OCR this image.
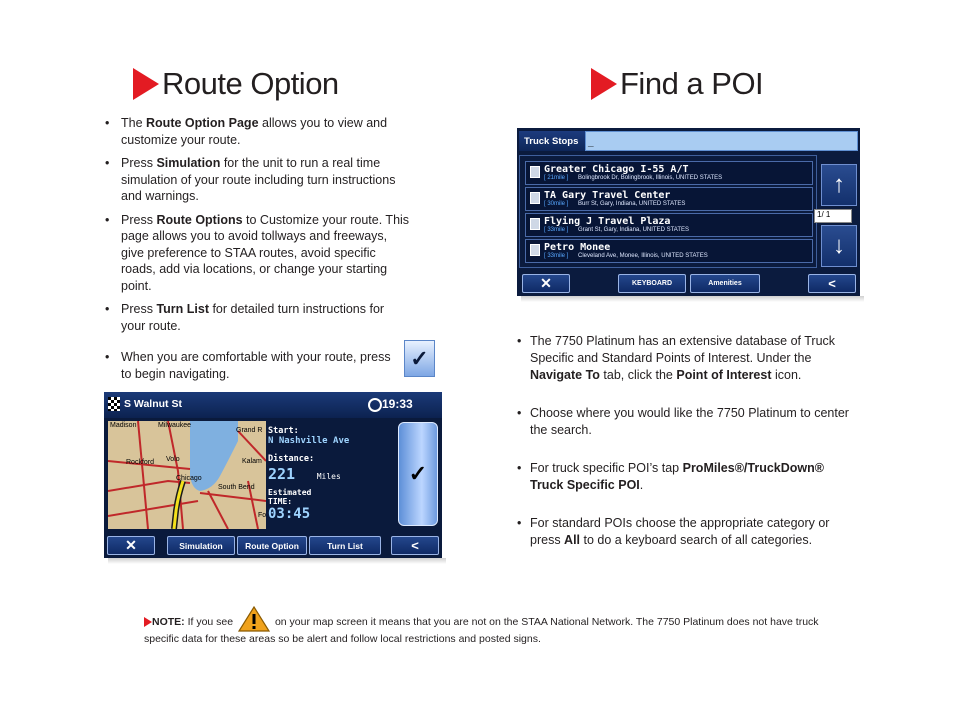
Route Option
• The Route Option Page allows you to view and customize your route.
• Press Simulation for the unit to run a real time simulation of your route including turn instructions and warnings.
• Press Route Options to Customize your route. This page allows you to avoid tollways and freeways, give preference to STAA routes, avoid specific roads, add via locations, or change your starting point.
• Press Turn List for detailed turn instructions for your route.
• When you are comfortable with your route, press to begin navigating.
✓
S Walnut St	19:33
Madison	Milwaukee
Grand R
Rockford Volo
Chicago
Kalam
South Bend
Fo
Start:
N Nashville Ave
Distance:
221	Miles
Estimated
TIME:
03:45
✓
✕	Simulation	Route Option	Turn List	<
Find a POI
Truck Stops _
Greater Chicago I-55 A/T
[ 21mile ] Bolingbrook Dr, Bolingbrook, Illinois, UNITED STATES
TA Gary Travel Center
[ 30mile ] Burr St, Gary, Indiana, UNITED STATES
Flying J Travel Plaza
[ 33mile ] Grant St, Gary, Indiana, UNITED STATES
Petro Monee
[ 33mile ] Cleveland Ave, Monee, Illinois, UNITED STATES
↑
1/ 1
↓
✕	KEYBOARD	Amenities	<
• The 7750 Platinum has an extensive database of Truck Specific and Standard Points of Interest. Under the Navigate To tab, click the Point of Interest icon.
• Choose where you would like the 7750 Platinum to center the search.
• For truck specific POI’s tap ProMiles®/TruckDown® Truck Specific POI.
• For standard POIs choose the appropriate category or press All to do a keyboard search of all categories.
NOTE: If you see	on your map screen it means that you are not on the STAA National Network. The 7750 Platinum does not have truck specific data for these areas so be alert and follow local restrictions and posted signs.
